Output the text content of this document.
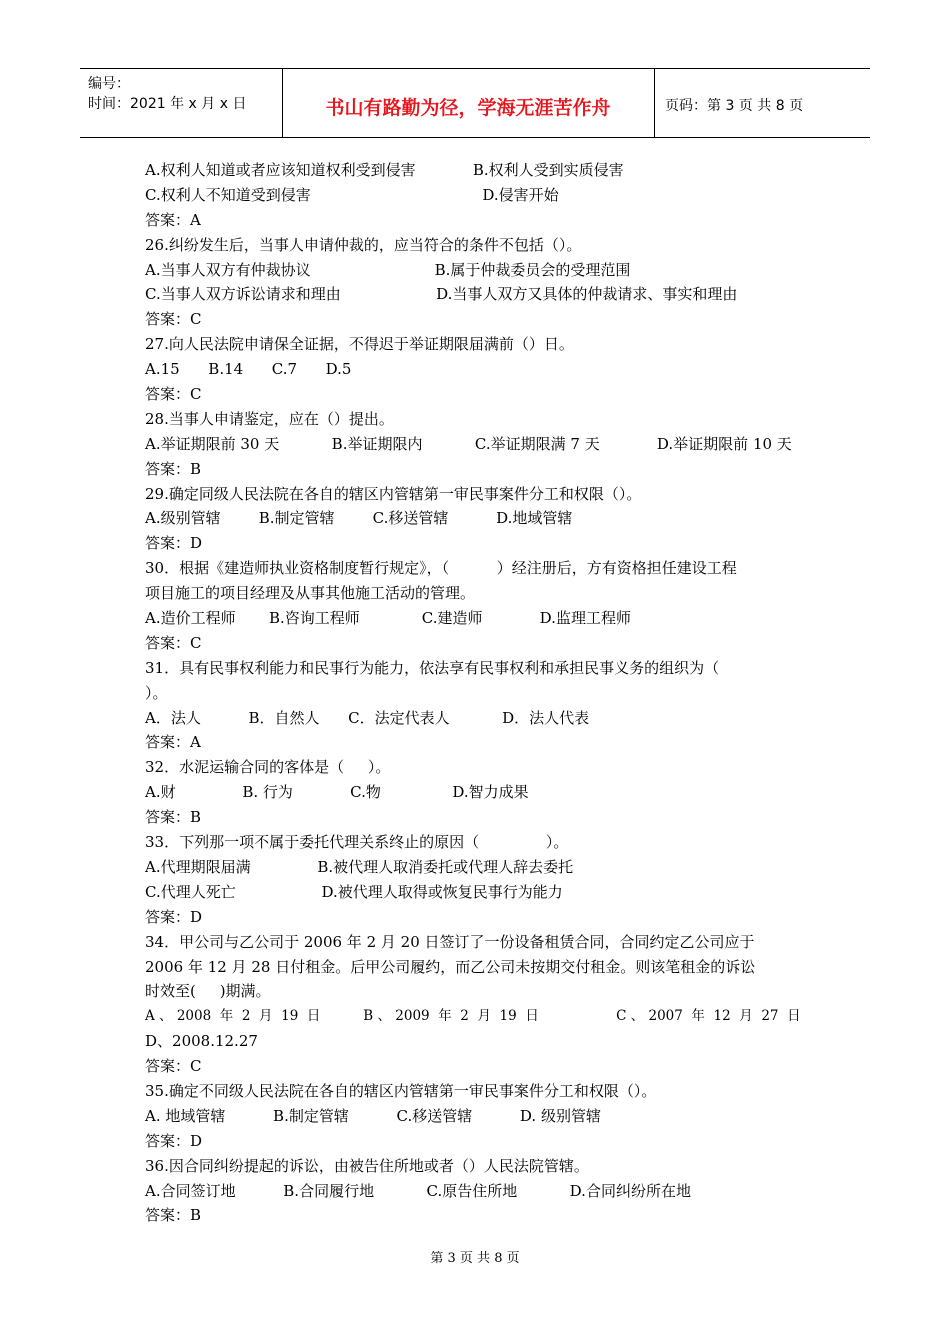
编号：
时间：2021 年 x 月 x 日	书山有路勤为径，学海无涯苦作舟	页码：第 3 页 共 8 页
A.权利人知道或者应该知道权利受到侵害            B.权利人受到实质侵害
C.权利人不知道受到侵害                                    D.侵害开始
答案：A
26.纠纷发生后，当事人申请仲裁的，应当符合的条件不包括（）。
A.当事人双方有仲裁协议                          B.属于仲裁委员会的受理范围
C.当事人双方诉讼请求和理由                    D.当事人双方又具体的仲裁请求、事实和理由
答案：C
27.向人民法院申请保全证据，不得迟于举证期限届满前（）日。
A.15      B.14      C.7      D.5
答案：C
28.当事人申请鉴定，应在（）提出。
A.举证期限前 30 天           B.举证期限内           C.举证期限满 7 天            D.举证期限前 10 天
答案：B
29.确定同级人民法院在各自的辖区内管辖第一审民事案件分工和权限（）。
A.级别管辖        B.制定管辖        C.移送管辖          D.地域管辖
答案：D
30．根据《建造师执业资格制度暂行规定》，（          ）经注册后，方有资格担任建设工程
项目施工的项目经理及从事其他施工活动的管理。
A.造价工程师       B.咨询工程师             C.建造师            D.监理工程师
答案：C
31．具有民事权利能力和民事行为能力，依法享有民事权利和承担民事义务的组织为（
）。
A．法人          B．自然人      C．法定代表人           D．法人代表
答案：A
32．水泥运输合同的客体是（     ）。
A.财              B. 行为            C.物               D.智力成果
答案：B
33．下列那一项不属于委托代理关系终止的原因（              ）。
A.代理期限届满              B.被代理人取消委托或代理人辞去委托
C.代理人死亡                  D.被代理人取得或恢复民事行为能力
答案：D
34．甲公司与乙公司于 2006 年 2 月 20 日签订了一份设备租赁合同，合同约定乙公司应于
2006 年 12 月 28 日付租金。后甲公司履约，而乙公司未按期交付租金。则该笔租金的诉讼
时效至(     )期满。
A 、 2008  年  2  月  19  日          B 、 2009  年  2  月  19  日                  C 、 2007  年  12  月  27  日
D、2008.12.27
答案：C
35.确定不同级人民法院在各自的辖区内管辖第一审民事案件分工和权限（）。
A. 地域管辖          B.制定管辖          C.移送管辖          D. 级别管辖
答案：D
36.因合同纠纷提起的诉讼，由被告住所地或者（）人民法院管辖。
A.合同签订地          B.合同履行地           C.原告住所地           D.合同纠纷所在地
答案：B
第 3 页 共 8 页
